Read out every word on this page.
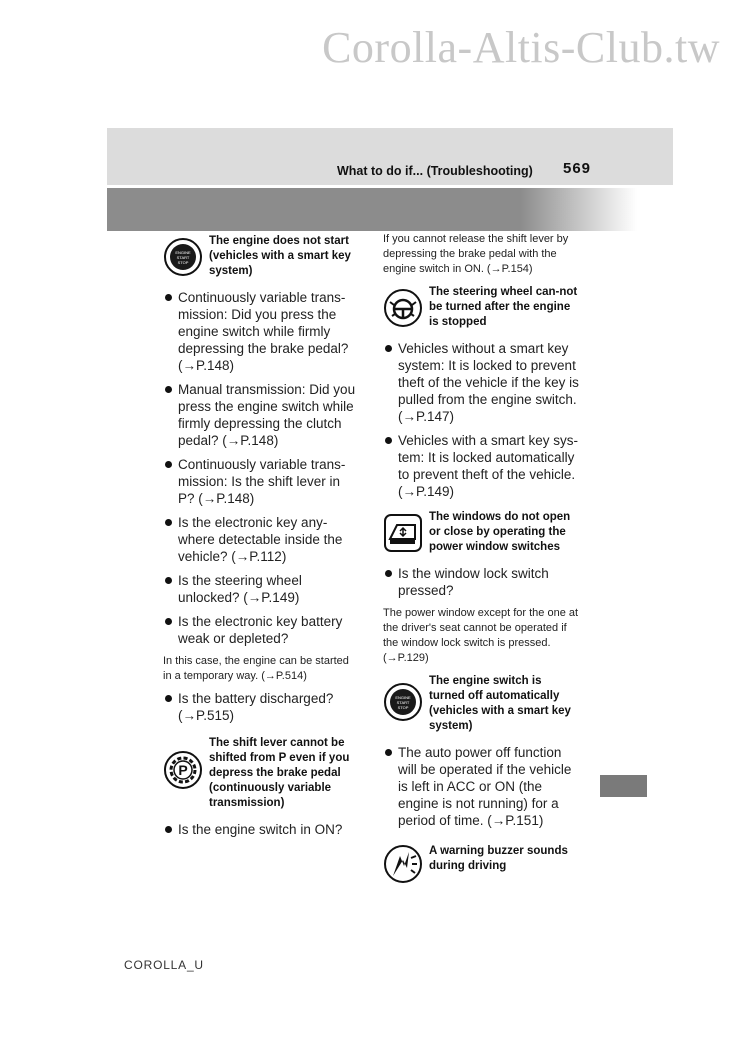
Corolla-Altis-Club.tw
What to do if... (Troubleshooting) 569
ENGINE
START
STOP
The engine does not start (vehicles with a smart key system)
Continuously variable trans-mission: Did you press the engine switch while firmly depressing the brake pedal? (→P.148)
Manual transmission: Did you press the engine switch while firmly depressing the clutch pedal? (→P.148)
Continuously variable trans-mission: Is the shift lever in P? (→P.148)
Is the electronic key any-where detectable inside the vehicle? (→P.112)
Is the steering wheel unlocked? (→P.149)
Is the electronic key battery weak or depleted?
In this case, the engine can be started in a temporary way. (→P.514)
Is the battery discharged? (→P.515)
P
The shift lever cannot be shifted from P even if you depress the brake pedal (continuously variable transmission)
Is the engine switch in ON?
If you cannot release the shift lever by depressing the brake pedal with the engine switch in ON. (→P.154)
The steering wheel can-not be turned after the engine is stopped
Vehicles without a smart key system: It is locked to prevent theft of the vehicle if the key is pulled from the engine switch. (→P.147)
Vehicles with a smart key sys-tem: It is locked automatically to prevent theft of the vehicle. (→P.149)
The windows do not open or close by operating the power window switches
Is the window lock switch pressed?
The power window except for the one at the driver's seat cannot be operated if the window lock switch is pressed. (→P.129)
ENGINE
START
STOP
The engine switch is turned off automatically (vehicles with a smart key system)
The auto power off function will be operated if the vehicle is left in ACC or ON (the engine is not running) for a period of time. (→P.151)
A warning buzzer sounds during driving
COROLLA_U
